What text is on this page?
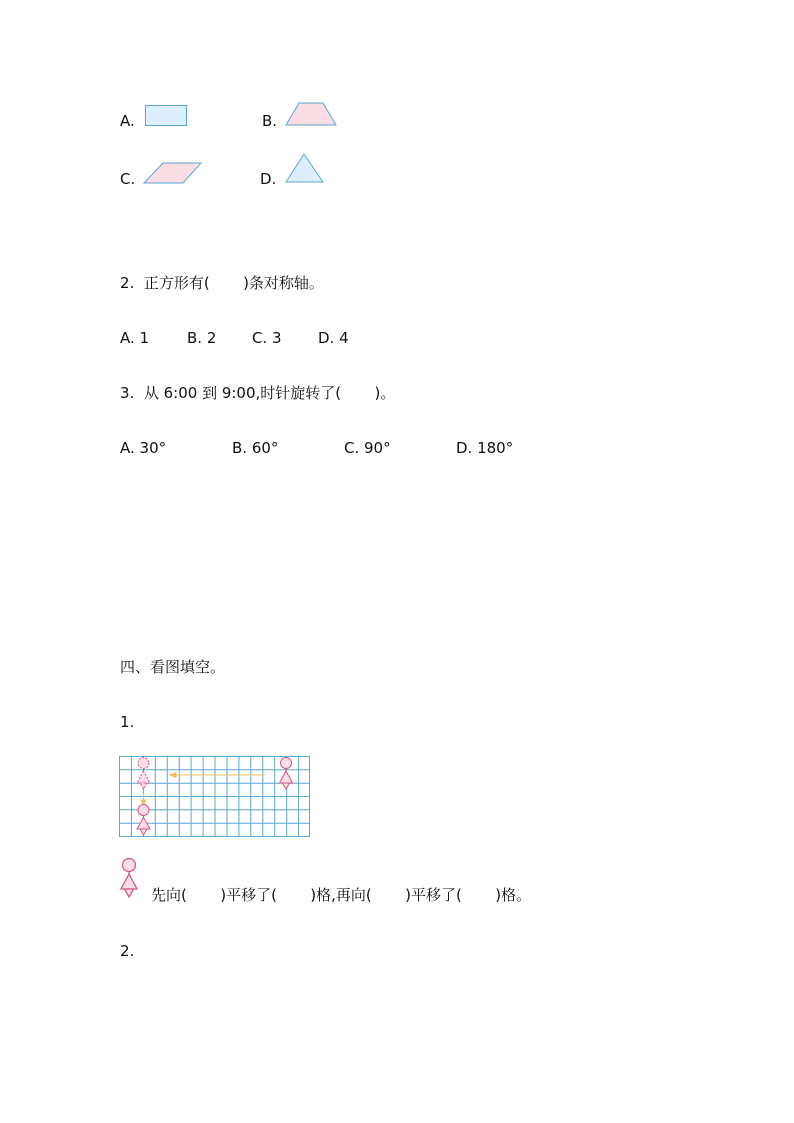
A.	B.
C.	D.
2.  正方形有(       )条对称轴。
A. 1	B. 2 C. 3 D. 4
3.  从 6:00 到 9:00,时针旋转了(       )。
A. 30°	B. 60°	C. 90°	D. 180°
四、看图填空。
1.
先向(       )平移了(       )格,再向(       )平移了(       )格。
2.
